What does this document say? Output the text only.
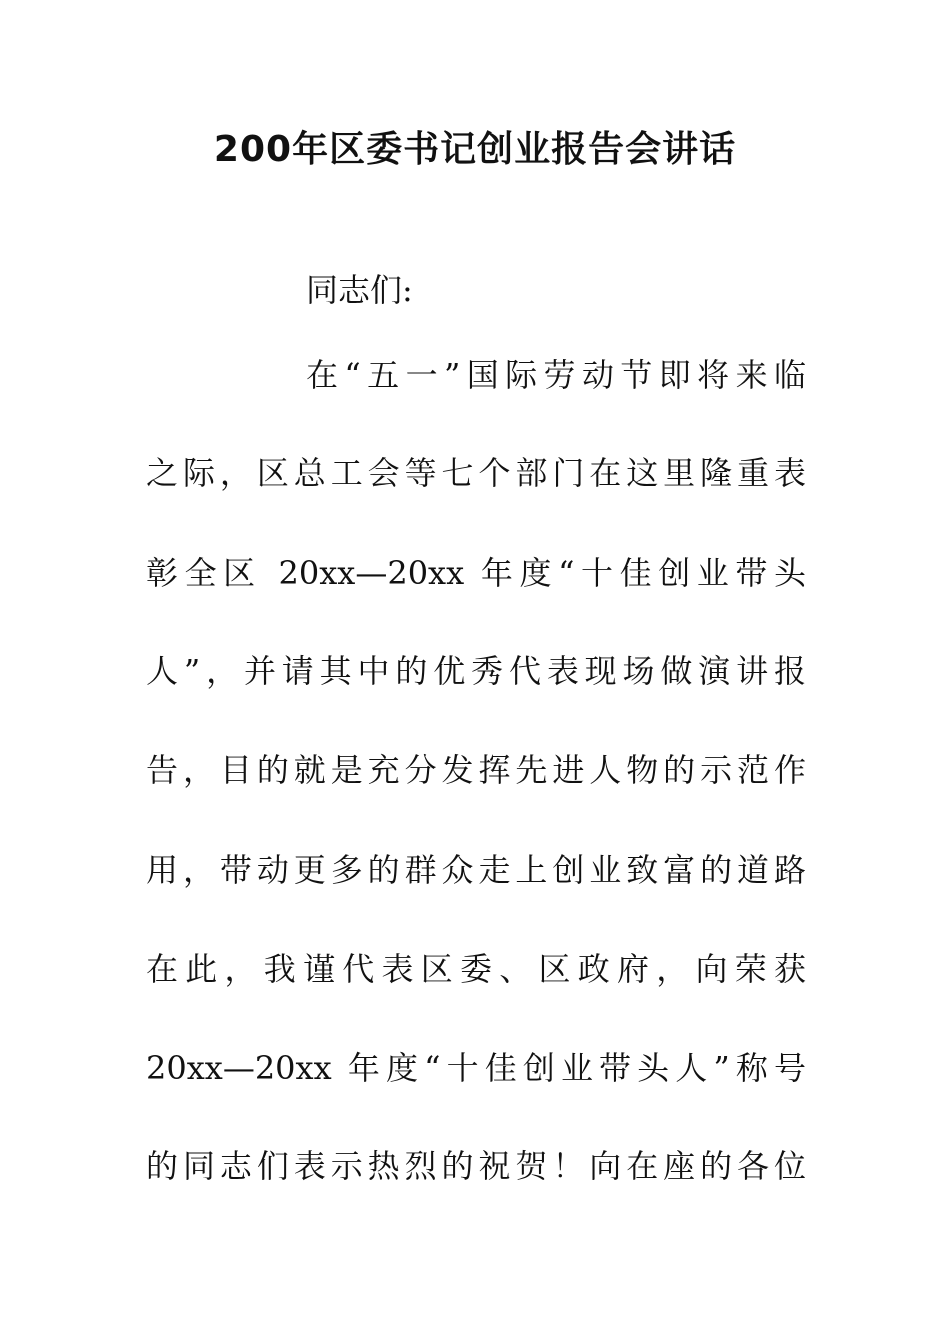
200年区委书记创业报告会讲话

同志们:

在“五一”国际劳动节即将来临

之际，区总工会等七个部门在这里隆重表

彰全区 20xx—20xx 年度“十佳创业带头

人”，并请其中的优秀代表现场做演讲报

告，目的就是充分发挥先进人物的示范作

用，带动更多的群众走上创业致富的道路

在此，我谨代表区委、区政府，向荣获

20xx—20xx 年度“十佳创业带头人”称号

的同志们表示热烈的祝贺！向在座的各位
